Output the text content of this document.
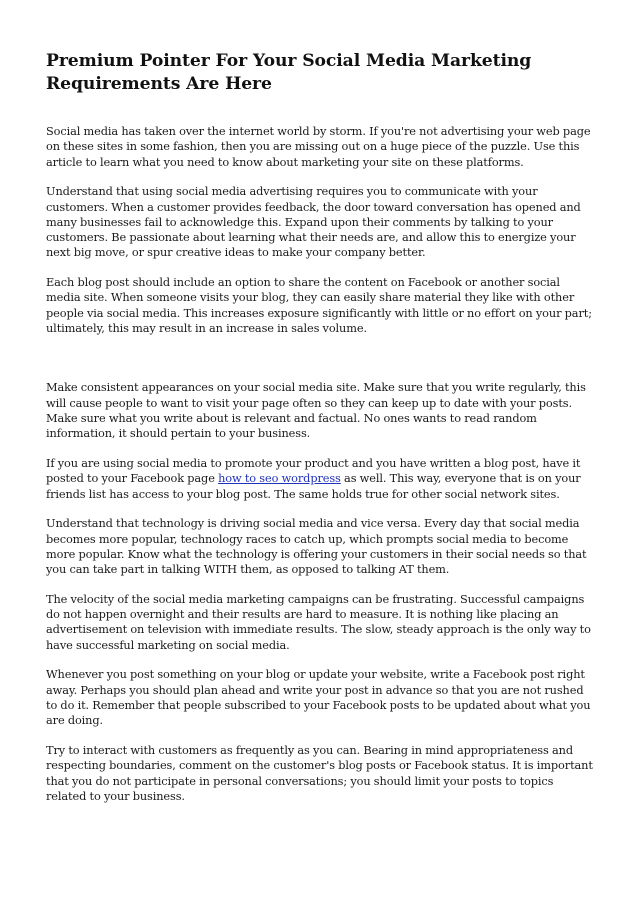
Premium Pointer For Your Social Media Marketing Requirements Are Here

Social media has taken over the internet world by storm. If you're not advertising your web page on these sites in some fashion, then you are missing out on a huge piece of the puzzle. Use this article to learn what you need to know about marketing your site on these platforms.

Understand that using social media advertising requires you to communicate with your customers. When a customer provides feedback, the door toward conversation has opened and many businesses fail to acknowledge this. Expand upon their comments by talking to your customers. Be passionate about learning what their needs are, and allow this to energize your next big move, or spur creative ideas to make your company better.

Each blog post should include an option to share the content on Facebook or another social media site. When someone visits your blog, they can easily share material they like with other people via social media. This increases exposure significantly with little or no effort on your part; ultimately, this may result in an increase in sales volume.

Make consistent appearances on your social media site. Make sure that you write regularly, this will cause people to want to visit your page often so they can keep up to date with your posts. Make sure what you write about is relevant and factual. No ones wants to read random information, it should pertain to your business.

If you are using social media to promote your product and you have written a blog post, have it posted to your Facebook page how to seo wordpress as well. This way, everyone that is on your friends list has access to your blog post. The same holds true for other social network sites.

Understand that technology is driving social media and vice versa. Every day that social media becomes more popular, technology races to catch up, which prompts social media to become more popular. Know what the technology is offering your customers in their social needs so that you can take part in talking WITH them, as opposed to talking AT them.

The velocity of the social media marketing campaigns can be frustrating. Successful campaigns do not happen overnight and their results are hard to measure. It is nothing like placing an advertisement on television with immediate results. The slow, steady approach is the only way to have successful marketing on social media.

Whenever you post something on your blog or update your website, write a Facebook post right away. Perhaps you should plan ahead and write your post in advance so that you are not rushed to do it. Remember that people subscribed to your Facebook posts to be updated about what you are doing.

Try to interact with customers as frequently as you can. Bearing in mind appropriateness and respecting boundaries, comment on the customer's blog posts or Facebook status. It is important that you do not participate in personal conversations; you should limit your posts to topics related to your business.
